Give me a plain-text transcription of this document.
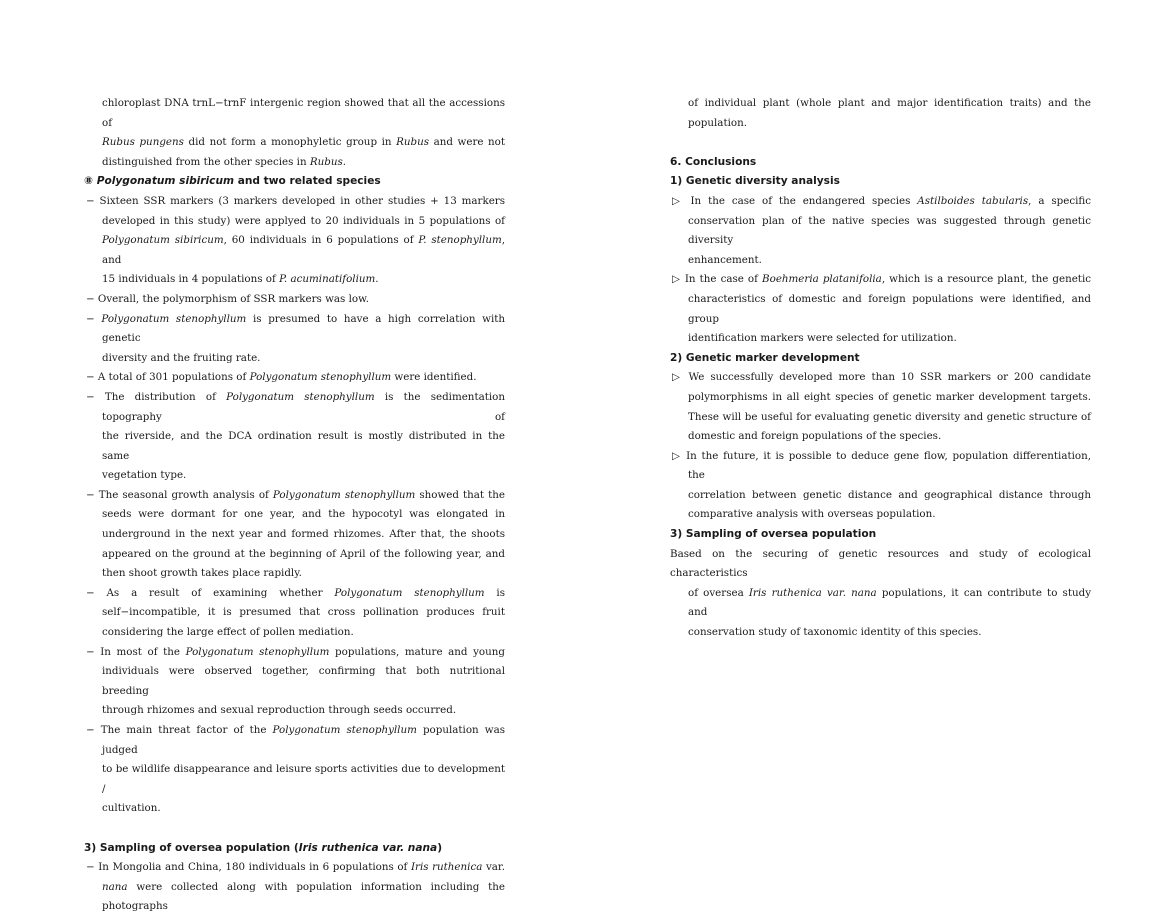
chloroplast DNA trnL−trnF intergenic region showed that all the accessions of
Rubus pungens did not form a monophyletic group in Rubus and were not
distinguished from the other species in Rubus.
⑧ Polygonatum sibiricum and two related species
− Sixteen SSR markers (3 markers developed in other studies + 13 markers
developed in this study) were applyed to 20 individuals in 5 populations of
Polygonatum sibiricum, 60 individuals in 6 populations of P. stenophyllum, and
15 individuals in 4 populations of P. acuminatifolium.
− Overall, the polymorphism of SSR markers was low.
− Polygonatum stenophyllum is presumed to have a high correlation with genetic
diversity and the fruiting rate.
− A total of 301 populations of Polygonatum stenophyllum were identified.
− The distribution of Polygonatum stenophyllum is the sedimentation topography of
the riverside, and the DCA ordination result is mostly distributed in the same
vegetation type.
− The seasonal growth analysis of Polygonatum stenophyllum showed that the
seeds were dormant for one year, and the hypocotyl was elongated in
underground in the next year and formed rhizomes. After that, the shoots
appeared on the ground at the beginning of April of the following year, and
then shoot growth takes place rapidly.
− As a result of examining whether Polygonatum stenophyllum is
self−incompatible, it is presumed that cross pollination produces fruit
considering the large effect of pollen mediation.
− In most of the Polygonatum stenophyllum populations, mature and young
individuals were observed together, confirming that both nutritional breeding
through rhizomes and sexual reproduction through seeds occurred.
− The main threat factor of the Polygonatum stenophyllum population was judged
to be wildlife disappearance and leisure sports activities due to development /
cultivation.
3) Sampling of oversea population (Iris ruthenica var. nana)
− In Mongolia and China, 180 individuals in 6 populations of Iris ruthenica var.
nana were collected along with population information including the photographs
of individual plant (whole plant and major identification traits) and the
population.
6. Conclusions
1) Genetic diversity analysis
▷ In the case of the endangered species Astilboides tabularis, a specific
conservation plan of the native species was suggested through genetic diversity
enhancement.
▷ In the case of Boehmeria platanifolia, which is a resource plant, the genetic
characteristics of domestic and foreign populations were identified, and group
identification markers were selected for utilization.
2) Genetic marker development
▷ We successfully developed more than 10 SSR markers or 200 candidate
polymorphisms in all eight species of genetic marker development targets.
These will be useful for evaluating genetic diversity and genetic structure of
domestic and foreign populations of the species.
▷ In the future, it is possible to deduce gene flow, population differentiation, the
correlation between genetic distance and geographical distance through
comparative analysis with overseas population.
3) Sampling of oversea population
Based on the securing of genetic resources and study of ecological characteristics
of oversea Iris ruthenica var. nana populations, it can contribute to study and
conservation study of taxonomic identity of this species.
